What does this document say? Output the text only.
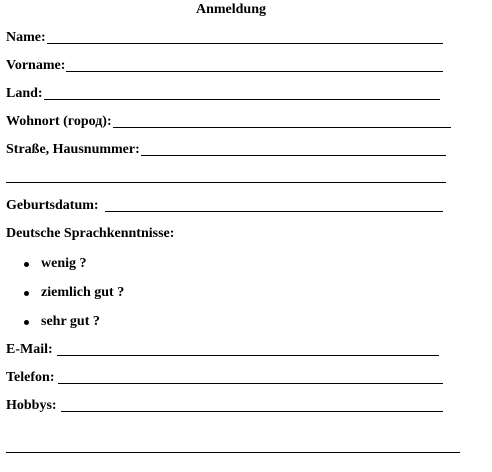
Anmeldung
Name:
Vorname:
Land:
Wohnort (город):
Straße, Hausnummer:
Geburtsdatum:
Deutsche Sprachkenntnisse:
wenig ?
ziemlich gut ?
sehr gut ?
E-Mail:
Telefon:
Hobbys:
